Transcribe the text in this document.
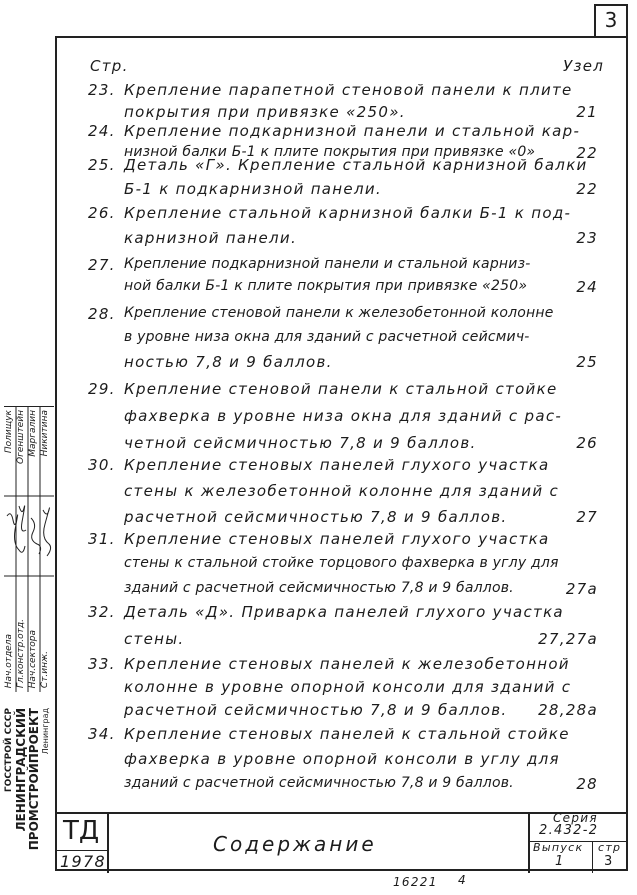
3
Стр.	Узел
23. Крепление парапетной стеновой панели к плите
покрытия при привязке «250».	21
24. Крепление подкарнизной панели и стальной кар-
низной балки Б-1 к плите покрытия при привязке «0»	22
25. Деталь «Г». Крепление стальной карнизной балки
Б-1 к подкарнизной панели.	22
26. Крепление стальной карнизной балки Б-1 к под-
карнизной панели.	23
27. Крепление подкарнизной панели и стальной карниз-
ной балки Б-1 к плите покрытия при привязке «250»	24
28. Крепление стеновой панели к железобетонной колонне
в уровне низа окна для зданий с расчетной сейсмич-
ностью 7,8 и 9 баллов.	25
29. Крепление стеновой панели к стальной стойке
фахверка в уровне низа окна для зданий с рас-
четной сейсмичностью 7,8 и 9 баллов.	26
30. Крепление стеновых панелей глухого участка
стены к железобетонной колонне для зданий с
расчетной сейсмичностью 7,8 и 9 баллов.	27
31. Крепление стеновых панелей глухого участка
стены к стальной стойке торцового фахверка в углу для
зданий с расчетной сейсмичностью 7,8 и 9 баллов.	27а
32. Деталь «Д». Приварка панелей глухого участка
стены.	27,27а
33. Крепление стеновых панелей к железобетонной
колонне в уровне опорной консоли для зданий с
расчетной сейсмичностью 7,8 и 9 баллов. 28,28а
34. Крепление стеновых панелей к стальной стойке
фахверка в уровне опорной консоли в углу для
зданий с расчетной сейсмичностью 7,8 и 9 баллов.	28
Нач.отдела Гл.констр.отд. Нач.сектора Ст.инж.
Полищук Огенштейн Маргалин Никитина
ГОССТРОЙ СССР ЛЕНИНГРАДСКИЙ ПРОМСТРОЙПРОЕКТ Ленинград
ТД
1978
Содержание
Серия
2.432-2
Выпуск
1
стр
3
16221 4
